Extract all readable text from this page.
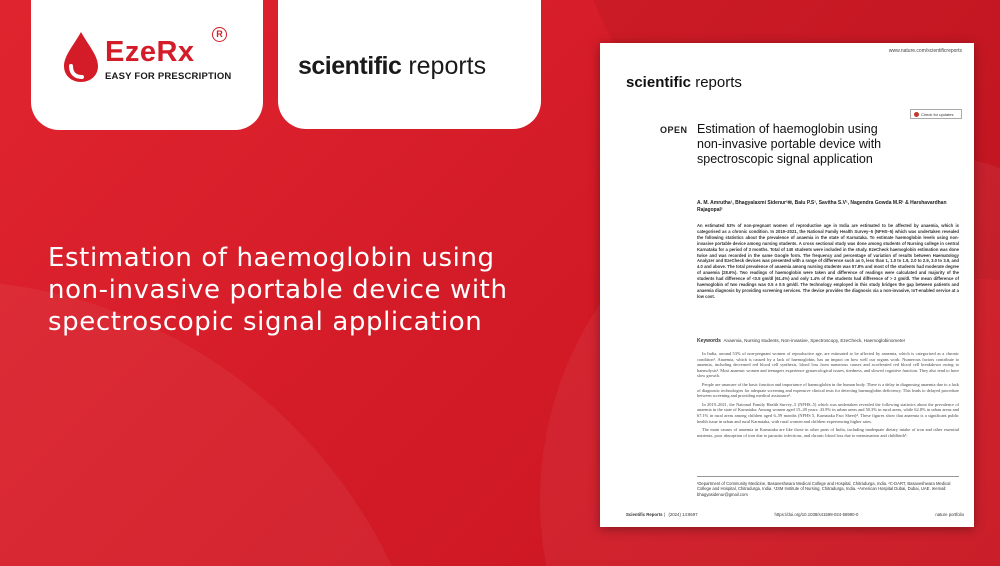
EzeRx
R
EASY FOR PRESCRIPTION	scientific reports
Estimation of haemoglobin using non-invasive portable device with spectroscopic signal application
www.nature.com/scientificreports
scientific reports
Check for updates
OPEN Estimation of haemoglobin using non-invasive portable device with spectroscopic signal application
A. M. Amrutha¹, Bhagyalaxmi Sidenur¹✉, Balu P.S¹, Savitha S.V¹, Nagendra Gowda M.R¹ & Harshavardhan Rajagopal²

An estimated 53% of non-pregnant women of reproductive age in India are estimated to be affected by anaemia, which is categorised as a chronic condition. In 2019–2021, the National Family Health Survey–5 (NFHS–5) which was undertaken revealed the following statistics about the prevalence of anaemia in the state of Karnataka. To estimate haemoglobin levels using non-invasive portable device among nursing students. A cross sectional study was done among students of Nursing college in central Karnataka for a period of 3 months. Total of 140 students were included in the study. EzeCheck haemoglobin estimation was done twice and was recorded in the same Google form. The frequency and percentage of variation of results between Haematology Analyzer and EzeCheck devices was presented with a range of difference such as 0, less than 1, 1.0 to 1.9, 2.0 to 2.9, 3.0 to 3.9, and 4.0 and above. The total prevalence of anaemia among nursing students was 57.8% and most of the students had moderate degree of anaemia (28.6%). Two readings of haemoglobin were taken and difference of readings were calculated and majority of the students had difference of <0.5 gm/dl (61.4%) and only 1.4% of the students had difference of > 2 gm/dl. The mean difference of haemoglobin of two readings was 0.5 ± 0.5 gm/dl. The technology employed in this study bridges the gap between patients and anaemia diagnosis by providing screening services. The device provides the diagnosis via a non-invasive, IoT-enabled service at a low cost.

Keywords Anaemia, Nursing students, Non-invasive, Spectroscopy, EzeCheck, Haemoglobinometer

In India, around 53% of non-pregnant women of reproductive age, are estimated to be affected by anaemia, which is categorised as a chronic condition¹. Anaemia, which is caused by a lack of haemoglobin, has an impact on how well our organs work. Numerous factors contribute to anaemia, including decreased red blood cell synthesis, blood loss from numerous causes and accelerated red blood cell breakdown owing to haemolysis². Most anaemic women and teenagers experience gynaecological issues, tiredness, and slowed cognitive function. They also tend to have slow growth.

People are unaware of the basic function and importance of haemoglobin in the human body. There is a delay in diagnosing anaemia due to a lack of diagnostic technologies for adequate screening and expensive clinical tests for detecting haemoglobin deficiency. This leads to delayed procedure between screening and providing medical assistance³.

In 2019–2021, the National Family Health Survey–5 (NFHS–5) which was undertaken revealed the following statistics about the prevalence of anaemia in the state of Karnataka: Among women aged 15–49 years: 43.9% in urban areas and 50.3% in rural areas, while 62.8% in urban areas and 67.1% in rural areas among children aged 6–59 months (NFHS 5, Karnataka Fact Sheet)⁴. These figures show that anaemia is a significant public health issue in urban and rural Karnataka, with rural women and children experiencing higher rates.

The main causes of anaemia in Karnataka are like those in other parts of India, including inadequate dietary intake of iron and other essential nutrients, poor absorption of iron due to parasitic infections, and chronic blood loss due to menstruation and childbirth⁵.

¹Department of Community Medicine, Basaveshwara Medical College and Hospital, Chitradurga, India. ²C-DART, Basaveshwara Medical College and Hospital, Chitradurga, India. ³JSM Institute of Nursing, Chitradurga, India. ⁴American Hospital Dubai, Dubai, UAE. ✉email: bhagyasidenur@gmail.com
Scientific Reports |   (2024) 14:8697	https://doi.org/10.1038/s41598-024-58990-0	nature portfolio
